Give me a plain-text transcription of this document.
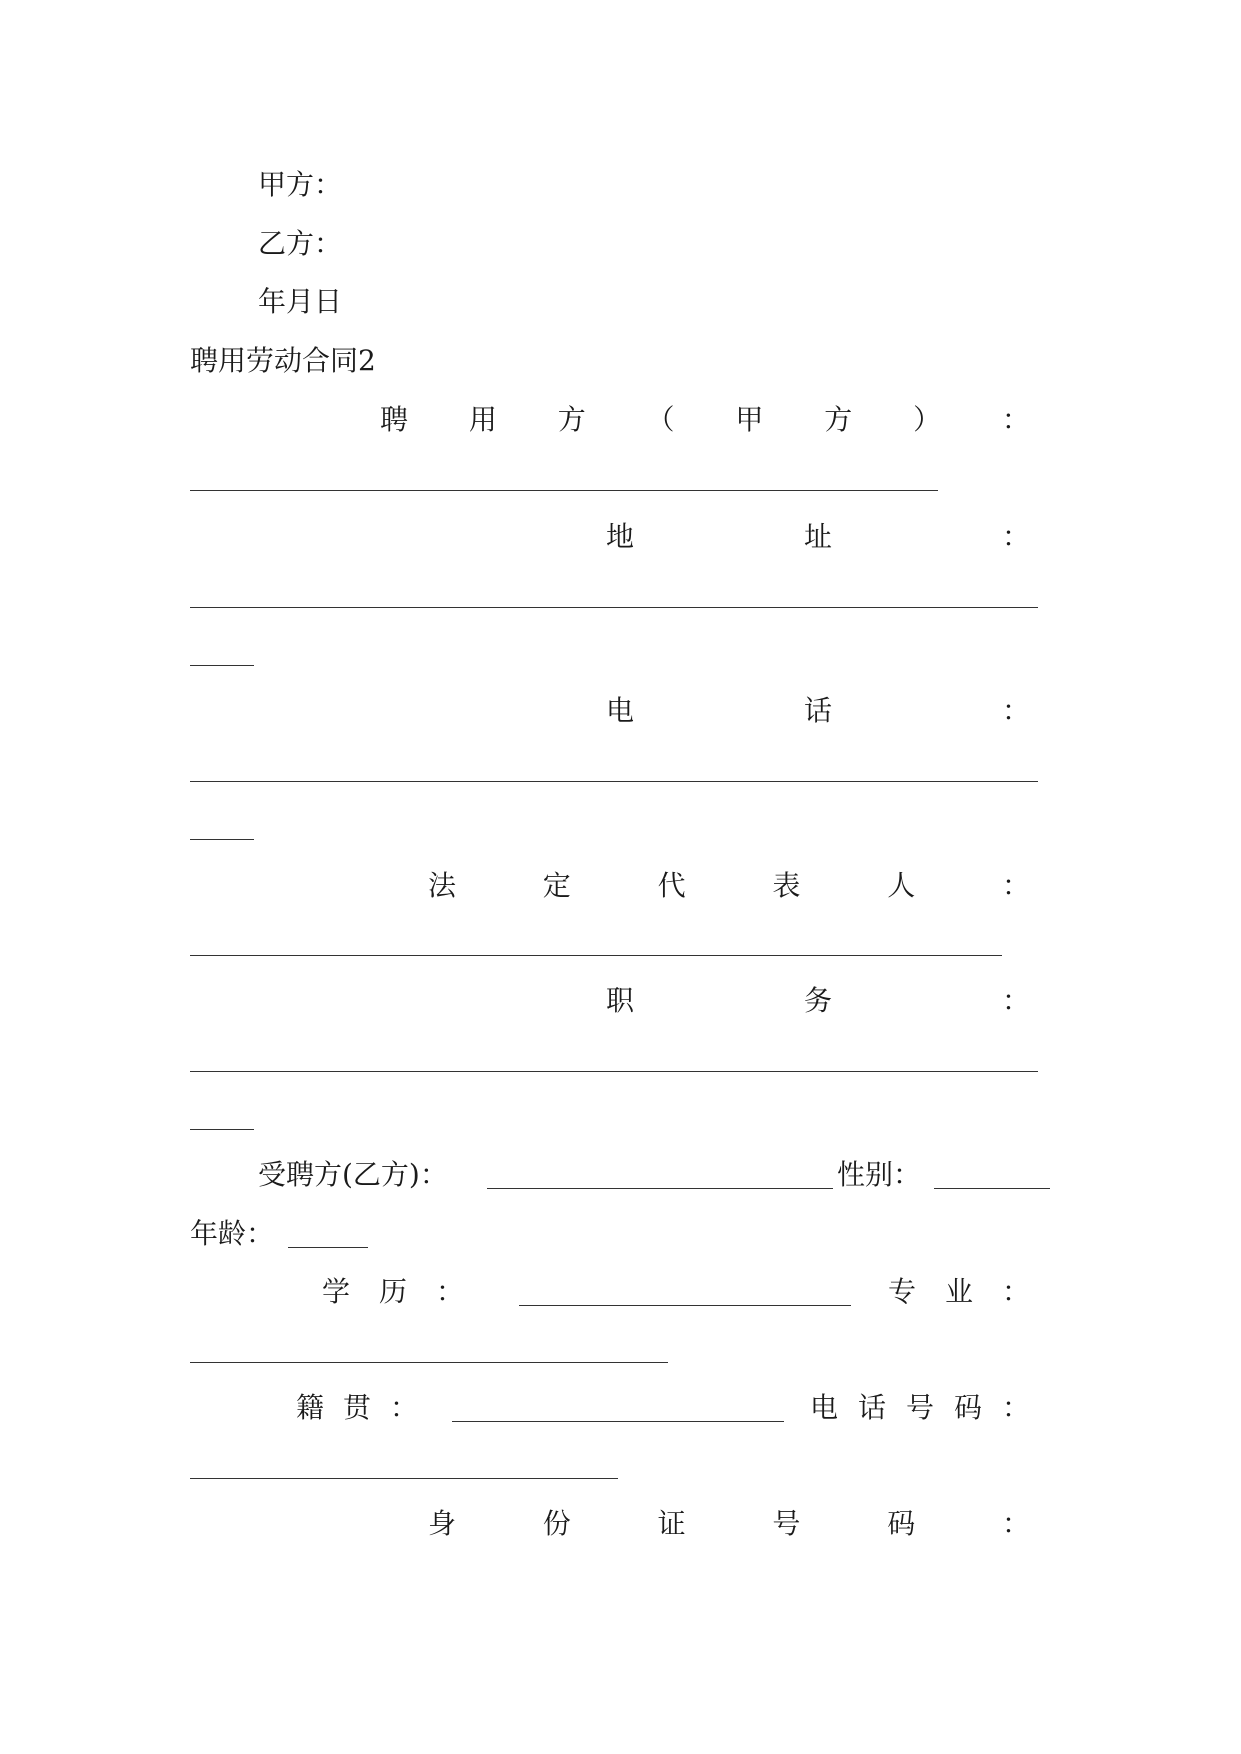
甲方：
乙方：
年月日
聘用劳动合同2
聘 用 方 （ 甲 方 ） ：
地	址	：
电	话	：
法	定	代	表	人	：
职	务	：
受聘方(乙方)：	性别：
年龄：
学 历 ：	专 业 ：
籍 贯 ：	电 话 号 码 ：
身	份	证	号	码	：
